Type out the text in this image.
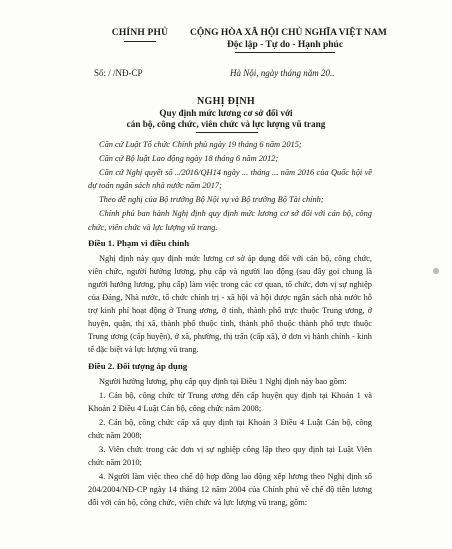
CHÍNH PHỦ	CỘNG HÒA XÃ HỘI CHỦ NGHĨA VIỆT NAM
Độc lập - Tự do - Hạnh phúc
Số: / /NĐ-CP	Hà Nội, ngày tháng năm 20..
NGHỊ ĐỊNH
Quy định mức lương cơ sở đối với
cán bộ, công chức, viên chức và lực lượng vũ trang

Căn cứ Luật Tổ chức Chính phủ ngày 19 tháng 6 năm 2015;

Căn cứ Bộ luật Lao động ngày 18 tháng 6 năm 2012;

Căn cứ Nghị quyết số ../2016/QH14 ngày ... tháng ... năm 2016 của Quốc hội về dự toán ngân sách nhà nước năm 2017;

Theo đề nghị của Bộ trưởng Bộ Nội vụ và Bộ trưởng Bộ Tài chính;

Chính phủ ban hành Nghị định quy định mức lương cơ sở đối với cán bộ, công chức, viên chức và lực lượng vũ trang.

Điều 1. Phạm vi điều chỉnh

Nghị định này quy định mức lương cơ sở áp dụng đối với cán bộ, công chức, viên chức, người hưởng lương, phụ cấp và người lao động (sau đây gọi chung là người hưởng lương, phụ cấp) làm việc trong các cơ quan, tổ chức, đơn vị sự nghiệp của Đảng, Nhà nước, tổ chức chính trị - xã hội và hội được ngân sách nhà nước hỗ trợ kinh phí hoạt động ở Trung ương, ở tỉnh, thành phố trực thuộc Trung ương, ở huyện, quận, thị xã, thành phố thuộc tỉnh, thành phố thuộc thành phố trực thuộc Trung ương (cấp huyện), ở xã, phường, thị trấn (cấp xã), ở đơn vị hành chính - kinh tế đặc biệt và lực lượng vũ trang.

Điều 2. Đối tượng áp dụng

Người hưởng lương, phụ cấp quy định tại Điều 1 Nghị định này bao gồm:

1. Cán bộ, công chức từ Trung ương đến cấp huyện quy định tại Khoản 1 và Khoản 2 Điều 4 Luật Cán bộ, công chức năm 2008;

2. Cán bộ, công chức cấp xã quy định tại Khoản 3 Điều 4 Luật Cán bộ, công chức năm 2008;

3. Viên chức trong các đơn vị sự nghiệp công lập theo quy định tại Luật Viên chức năm 2010;

4. Người làm việc theo chế độ hợp đồng lao động xếp lương theo Nghị định số 204/2004/NĐ-CP ngày 14 tháng 12 năm 2004 của Chính phủ về chế độ tiền lương đối với cán bộ, công chức, viên chức và lực lượng vũ trang, gồm:
